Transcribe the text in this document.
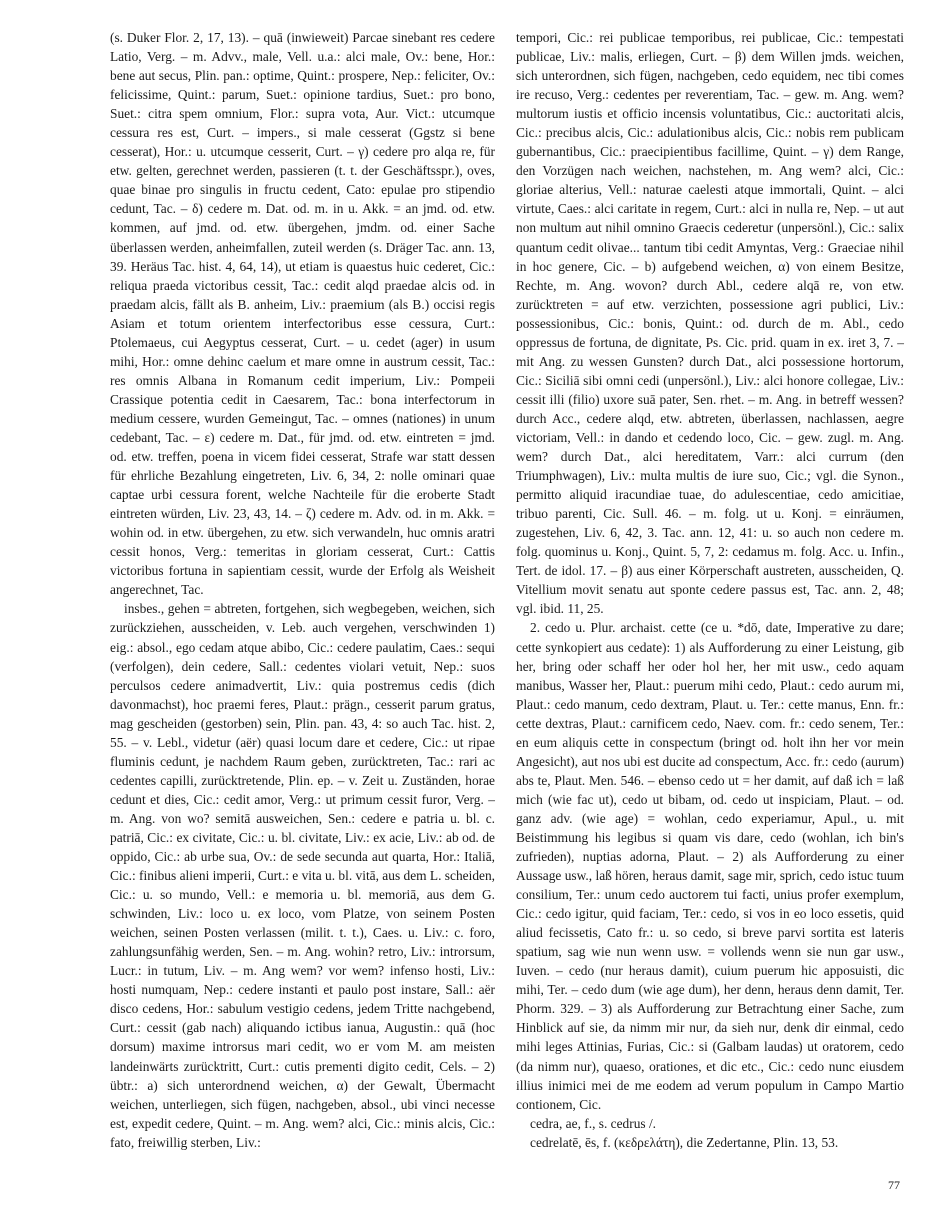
(s. Duker Flor. 2, 17, 13). – quā (inwieweit) Parcae sinebant res cedere Latio, Verg. – m. Advv., male, Vell. u.a.: alci male, Ov.: bene, Hor.: bene aut secus, Plin. pan.: optime, Quint.: prospere, Nep.: feliciter, Ov.: felicissime, Quint.: parum, Suet.: opinione tardius, Suet.: pro bono, Suet.: citra spem omnium, Flor.: supra vota, Aur. Vict.: utcumque cessura res est, Curt. – impers., si male cesserat (Ggstz si bene cesserat), Hor.: u. utcumque cesserit, Curt. – γ) cedere pro alqa re, für etw. gelten, gerechnet werden, passieren (t. t. der Geschäftsspr.), oves, quae binae pro singulis in fructu cedent, Cato: epulae pro stipendio cedunt, Tac. – δ) cedere m. Dat. od. m. in u. Akk. = an jmd. od. etw. kommen, auf jmd. od. etw. übergehen, jmdm. od. einer Sache überlassen werden, anheimfallen, zuteil werden (s. Dräger Tac. ann. 13, 39. Heräus Tac. hist. 4, 64, 14), ut etiam is quaestus huic cederet, Cic.: reliqua praeda victoribus cessit, Tac.: cedit alqd praedae alcis od. in praedam alcis, fällt als B. anheim, Liv.: praemium (als B.) occisi regis Asiam et totum orientem interfectoribus esse cessura, Curt.: Ptolemaeus, cui Aegyptus cesserat, Curt. – u. cedet (ager) in usum mihi, Hor.: omne dehinc caelum et mare omne in austrum cessit, Tac.: res omnis Albana in Romanum cedit imperium, Liv.: Pompeii Crassique potentia cedit in Caesarem, Tac.: bona interfectorum in medium cessere, wurden Gemeingut, Tac. – omnes (nationes) in unum cedebant, Tac. – ε) cedere m. Dat., für jmd. od. etw. eintreten = jmd. od. etw. treffen, poena in vicem fidei cesserat, Strafe war statt dessen für ehrliche Bezahlung eingetreten, Liv. 6, 34, 2: nolle ominari quae captae urbi cessura forent, welche Nachteile für die eroberte Stadt eintreten würden, Liv. 23, 43, 14. – ζ) cedere m. Adv. od. in m. Akk. = wohin od. in etw. übergehen, zu etw. sich verwandeln, huc omnis aratri cessit honos, Verg.: temeritas in gloriam cesserat, Curt.: Cattis victoribus fortuna in sapientiam cessit, wurde der Erfolg als Weisheit angerechnet, Tac.

insbes., gehen = abtreten, fortgehen, sich wegbegeben, weichen, sich zurückziehen, ausscheiden, v. Leb. auch vergehen, verschwinden 1) eig.: absol., ego cedam atque abibo, Cic.: cedere paulatim, Caes.: sequi (verfolgen), dein cedere, Sall.: cedentes violari vetuit, Nep.: suos perculsos cedere animadvertit, Liv.: quia postremus cedis (dich davonmachst), hoc praemi feres, Plaut.: prägn., cesserit parum gratus, mag gescheiden (gestorben) sein, Plin. pan. 43, 4: so auch Tac. hist. 2, 55. – v. Lebl., videtur (aër) quasi locum dare et cedere, Cic.: ut ripae fluminis cedunt, je nachdem Raum geben, zurücktreten, Tac.: rari ac cedentes capilli, zurücktretende, Plin. ep. – v. Zeit u. Zuständen, horae cedunt et dies, Cic.: cedit amor, Verg.: ut primum cessit furor, Verg. – m. Ang. von wo? semitā ausweichen, Sen.: cedere e patria u. bl. c. patriā, Cic.: ex civitate, Cic.: u. bl. civitate, Liv.: ex acie, Liv.: ab od. de oppido, Cic.: ab urbe sua, Ov.: de sede secunda aut quarta, Hor.: Italiā, Cic.: finibus alieni imperii, Curt.: e vita u. bl. vitā, aus dem L. scheiden, Cic.: u. so mundo, Vell.: e memoria u. bl. memoriā, aus dem G. schwinden, Liv.: loco u. ex loco, vom Platze, von seinem Posten weichen, seinen Posten verlassen (milit. t. t.), Caes. u. Liv.: c. foro, zahlungsunfähig werden, Sen. – m. Ang. wohin? retro, Liv.: introrsum, Lucr.: in tutum, Liv. – m. Ang wem? vor wem? infenso hosti, Liv.: hosti numquam, Nep.: cedere instanti et paulo post instare, Sall.: aër disco cedens, Hor.: sabulum vestigio cedens, jedem Tritte nachgebend, Curt.: cessit (gab nach) aliquando ictibus ianua, Augustin.: quā (hoc dorsum) maxime introrsus mari cedit, wo er vom M. am meisten landeinwärts zurücktritt, Curt.: cutis prementi digito cedit, Cels. – 2) übtr.: a) sich unterordnend weichen, α) der Gewalt, Übermacht weichen, unterliegen, sich fügen, nachgeben, absol., ubi vinci necesse est, expedit cedere, Quint. – m. Ang. wem? alci, Cic.: minis alcis, Cic.: fato, freiwillig sterben, Liv.:

tempori, Cic.: rei publicae temporibus, rei publicae, Cic.: tempestati publicae, Liv.: malis, erliegen, Curt. – β) dem Willen jmds. weichen, sich unterordnen, sich fügen, nachgeben, cedo equidem, nec tibi comes ire recuso, Verg.: cedentes per reverentiam, Tac. – gew. m. Ang. wem? multorum iustis et officio incensis voluntatibus, Cic.: auctoritati alcis, Cic.: precibus alcis, Cic.: adulationibus alcis, Cic.: nobis rem publicam gubernantibus, Cic.: praecipientibus facillime, Quint. – γ) dem Range, den Vorzügen nach weichen, nachstehen, m. Ang wem? alci, Cic.: gloriae alterius, Vell.: naturae caelesti atque immortali, Quint. – alci virtute, Caes.: alci caritate in regem, Curt.: alci in nulla re, Nep. – ut aut non multum aut nihil omnino Graecis cederetur (unpersönl.), Cic.: salix quantum cedit olivae... tantum tibi cedit Amyntas, Verg.: Graeciae nihil in hoc genere, Cic. – b) aufgebend weichen, α) von einem Besitze, Rechte, m. Ang. wovon? durch Abl., cedere alqā re, von etw. zurücktreten = auf etw. verzichten, possessione agri publici, Liv.: possessionibus, Cic.: bonis, Quint.: od. durch de m. Abl., cedo oppressus de fortuna, de dignitate, Ps. Cic. prid. quam in ex. iret 3, 7. – mit Ang. zu wessen Gunsten? durch Dat., alci possessione hortorum, Cic.: Siciliā sibi omni cedi (unpersönl.), Liv.: alci honore collegae, Liv.: cessit illi (filio) uxore suā pater, Sen. rhet. – m. Ang. in betreff wessen? durch Acc., cedere alqd, etw. abtreten, überlassen, nachlassen, aegre victoriam, Vell.: in dando et cedendo loco, Cic. – gew. zugl. m. Ang. wem? durch Dat., alci hereditatem, Varr.: alci currum (den Triumphwagen), Liv.: multa multis de iure suo, Cic.; vgl. die Synon., permitto aliquid iracundiae tuae, do adulescentiae, cedo amicitiae, tribuo parenti, Cic. Sull. 46. – m. folg. ut u. Konj. = einräumen, zugestehen, Liv. 6, 42, 3. Tac. ann. 12, 41: u. so auch non cedere m. folg. quominus u. Konj., Quint. 5, 7, 2: cedamus m. folg. Acc. u. Infin., Tert. de idol. 17. – β) aus einer Körperschaft austreten, ausscheiden, Q. Vitellium movit senatu aut sponte cedere passus est, Tac. ann. 2, 48; vgl. ibid. 11, 25.

2. cedo u. Plur. archaist. cette (ce u. *dō, date, Imperative zu dare; cette synkopiert aus cedate): 1) als Aufforderung zu einer Leistung, gib her, bring oder schaff her oder hol her, her mit usw., cedo aquam manibus, Wasser her, Plaut.: puerum mihi cedo, Plaut.: cedo aurum mi, Plaut.: cedo manum, cedo dextram, Plaut. u. Ter.: cette manus, Enn. fr.: cette dextras, Plaut.: carnificem cedo, Naev. com. fr.: cedo senem, Ter.: en eum aliquis cette in conspectum (bringt od. holt ihn her vor mein Angesicht), aut nos ubi est ducite ad conspectum, Acc. fr.: cedo (aurum) abs te, Plaut. Men. 546. – ebenso cedo ut = her damit, auf daß ich = laß mich (wie fac ut), cedo ut bibam, od. cedo ut inspiciam, Plaut. – od. ganz adv. (wie age) = wohlan, cedo experiamur, Apul., u. mit Beistimmung his legibus si quam vis dare, cedo (wohlan, ich bin's zufrieden), nuptias adorna, Plaut. – 2) als Aufforderung zu einer Aussage usw., laß hören, heraus damit, sage mir, sprich, cedo istuc tuum consilium, Ter.: unum cedo auctorem tui facti, unius profer exemplum, Cic.: cedo igitur, quid faciam, Ter.: cedo, si vos in eo loco essetis, quid aliud fecissetis, Cato fr.: u. so cedo, si breve parvi sortita est lateris spatium, sag wie nun wenn usw. = vollends wenn sie nun gar usw., Iuven. – cedo (nur heraus damit), cuium puerum hic apposuisti, dic mihi, Ter. – cedo dum (wie age dum), her denn, heraus denn damit, Ter. Phorm. 329. – 3) als Aufforderung zur Betrachtung einer Sache, zum Hinblick auf sie, da nimm mir nur, da sieh nur, denk dir einmal, cedo mihi leges Attinias, Furias, Cic.: si (Galbam laudas) ut oratorem, cedo (da nimm nur), quaeso, orationes, et dic etc., Cic.: cedo nunc eiusdem illius inimici mei de me eodem ad verum populum in Campo Martio contionem, Cic.

cedra, ae, f., s. cedrus /.

cedrelatē, ēs, f. (κεδρελάτη), die Zedertanne, Plin. 13, 53.

77
